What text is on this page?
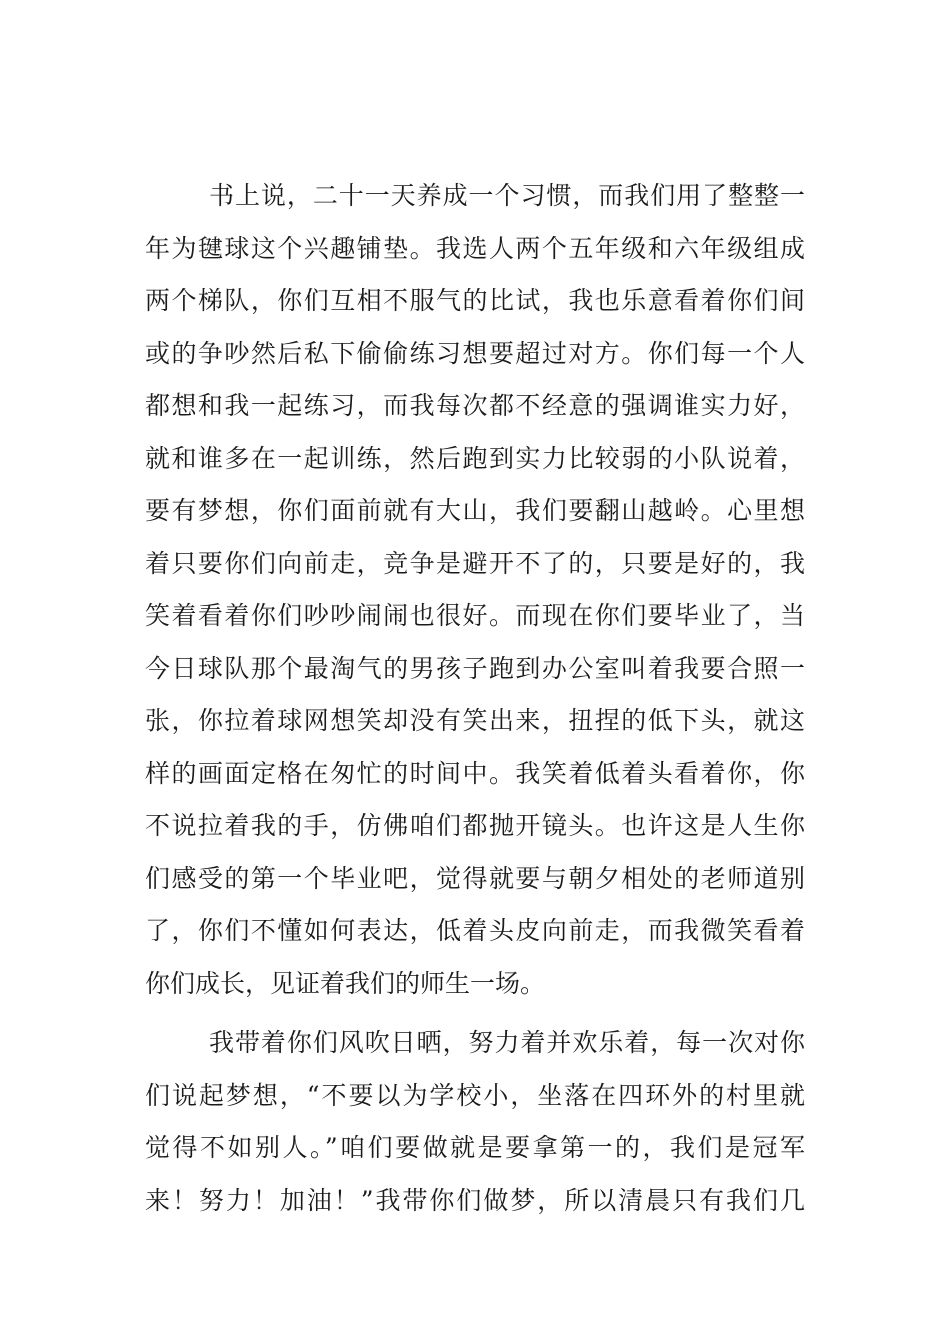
书上说，二十一天养成一个习惯，而我们用了整整一
年为毽球这个兴趣铺垫。我选人两个五年级和六年级组成
两个梯队，你们互相不服气的比试，我也乐意看着你们间
或的争吵然后私下偷偷练习想要超过对方。你们每一个人
都想和我一起练习，而我每次都不经意的强调谁实力好，
就和谁多在一起训练，然后跑到实力比较弱的小队说着，
要有梦想，你们面前就有大山，我们要翻山越岭。心里想
着只要你们向前走，竞争是避开不了的，只要是好的，我
笑着看着你们吵吵闹闹也很好。而现在你们要毕业了，当
今日球队那个最淘气的男孩子跑到办公室叫着我要合照一
张，你拉着球网想笑却没有笑出来，扭捏的低下头，就这
样的画面定格在匆忙的时间中。我笑着低着头看着你，你
不说拉着我的手，仿佛咱们都抛开镜头。也许这是人生你
们感受的第一个毕业吧，觉得就要与朝夕相处的老师道别
了，你们不懂如何表达，低着头皮向前走，而我微笑看着
你们成长，见证着我们的师生一场。
我带着你们风吹日晒，努力着并欢乐着，每一次对你
们说起梦想，“不要以为学校小，坐落在四环外的村里就
觉得不如别人。”咱们要做就是要拿第一的，我们是冠军
来！努力！加油！”我带你们做梦，所以清晨只有我们几
